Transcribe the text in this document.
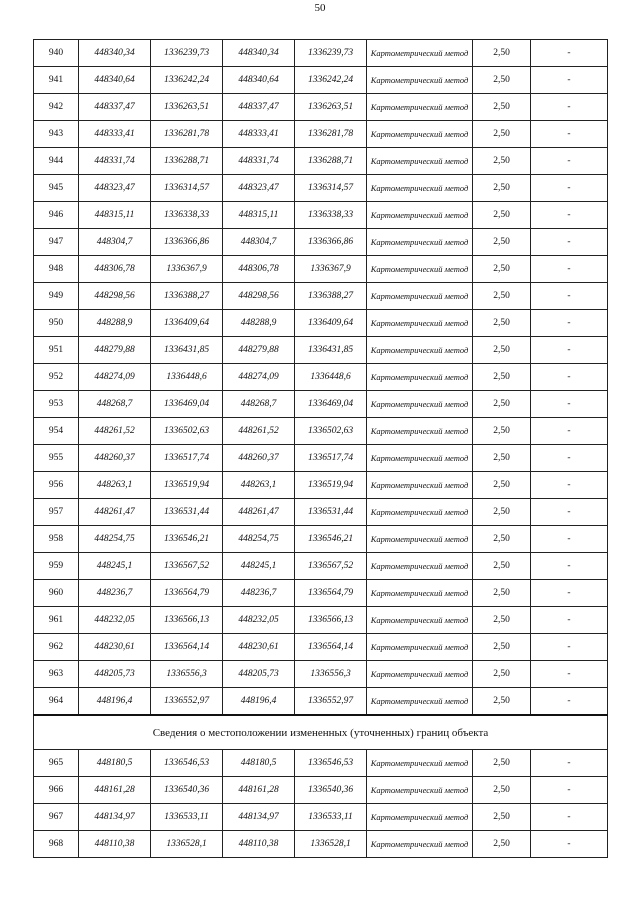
50
940	448340,34	1336239,73	448340,34	1336239,73	Картометрический метод	2,50	-
941	448340,64	1336242,24	448340,64	1336242,24	Картометрический метод	2,50	-
942	448337,47	1336263,51	448337,47	1336263,51	Картометрический метод	2,50	-
943	448333,41	1336281,78	448333,41	1336281,78	Картометрический метод	2,50	-
944	448331,74	1336288,71	448331,74	1336288,71	Картометрический метод	2,50	-
945	448323,47	1336314,57	448323,47	1336314,57	Картометрический метод	2,50	-
946	448315,11	1336338,33	448315,11	1336338,33	Картометрический метод	2,50	-
947	448304,7	1336366,86	448304,7	1336366,86	Картометрический метод	2,50	-
948	448306,78	1336367,9	448306,78	1336367,9	Картометрический метод	2,50	-
949	448298,56	1336388,27	448298,56	1336388,27	Картометрический метод	2,50	-
950	448288,9	1336409,64	448288,9	1336409,64	Картометрический метод	2,50	-
951	448279,88	1336431,85	448279,88	1336431,85	Картометрический метод	2,50	-
952	448274,09	1336448,6	448274,09	1336448,6	Картометрический метод	2,50	-
953	448268,7	1336469,04	448268,7	1336469,04	Картометрический метод	2,50	-
954	448261,52	1336502,63	448261,52	1336502,63	Картометрический метод	2,50	-
955	448260,37	1336517,74	448260,37	1336517,74	Картометрический метод	2,50	-
956	448263,1	1336519,94	448263,1	1336519,94	Картометрический метод	2,50	-
957	448261,47	1336531,44	448261,47	1336531,44	Картометрический метод	2,50	-
958	448254,75	1336546,21	448254,75	1336546,21	Картометрический метод	2,50	-
959	448245,1	1336567,52	448245,1	1336567,52	Картометрический метод	2,50	-
960	448236,7	1336564,79	448236,7	1336564,79	Картометрический метод	2,50	-
961	448232,05	1336566,13	448232,05	1336566,13	Картометрический метод	2,50	-
962	448230,61	1336564,14	448230,61	1336564,14	Картометрический метод	2,50	-
963	448205,73	1336556,3	448205,73	1336556,3	Картометрический метод	2,50	-
964	448196,4	1336552,97	448196,4	1336552,97	Картометрический метод	2,50	-
Сведения о местоположении измененных (уточненных) границ объекта							
965	448180,5	1336546,53	448180,5	1336546,53	Картометрический метод	2,50	-
966	448161,28	1336540,36	448161,28	1336540,36	Картометрический метод	2,50	-
967	448134,97	1336533,11	448134,97	1336533,11	Картометрический метод	2,50	-
968	448110,38	1336528,1	448110,38	1336528,1	Картометрический метод	2,50	-
